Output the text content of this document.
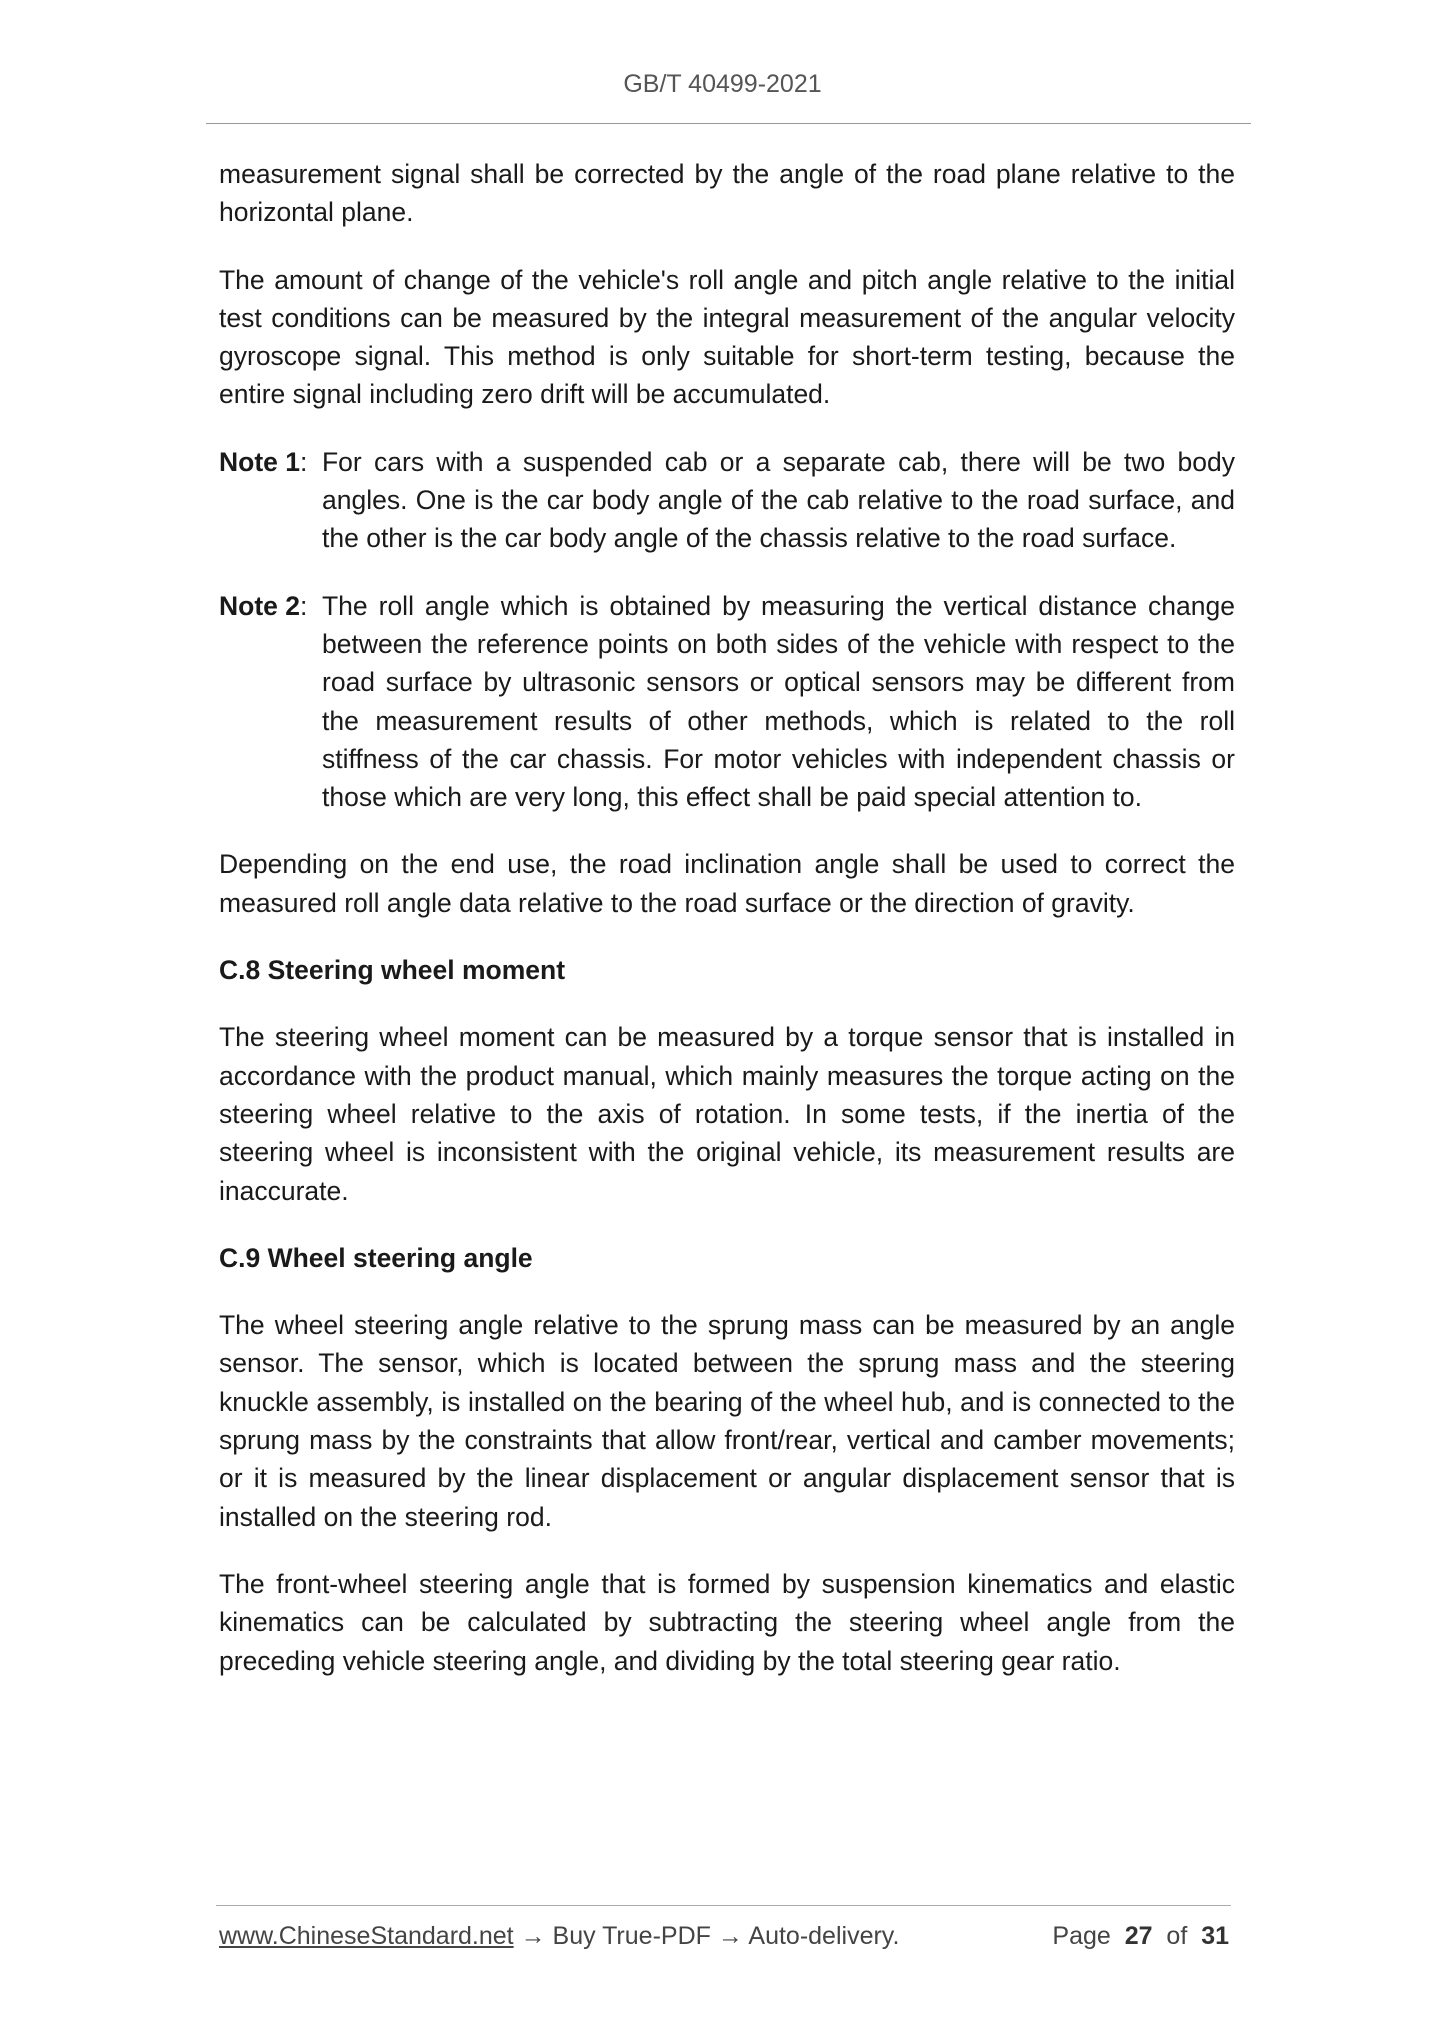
GB/T 40499-2021

measurement signal shall be corrected by the angle of the road plane relative to the horizontal plane.

The amount of change of the vehicle's roll angle and pitch angle relative to the initial test conditions can be measured by the integral measurement of the angular velocity gyroscope signal. This method is only suitable for short-term testing, because the entire signal including zero drift will be accumulated.

Note 1: For cars with a suspended cab or a separate cab, there will be two body angles. One is the car body angle of the cab relative to the road surface, and the other is the car body angle of the chassis relative to the road surface.
Note 2: The roll angle which is obtained by measuring the vertical distance change between the reference points on both sides of the vehicle with respect to the road surface by ultrasonic sensors or optical sensors may be different from the measurement results of other methods, which is related to the roll stiffness of the car chassis. For motor vehicles with independent chassis or those which are very long, this effect shall be paid special attention to.

Depending on the end use, the road inclination angle shall be used to correct the measured roll angle data relative to the road surface or the direction of gravity.

C.8 Steering wheel moment

The steering wheel moment can be measured by a torque sensor that is installed in accordance with the product manual, which mainly measures the torque acting on the steering wheel relative to the axis of rotation. In some tests, if the inertia of the steering wheel is inconsistent with the original vehicle, its measurement results are inaccurate.

C.9 Wheel steering angle

The wheel steering angle relative to the sprung mass can be measured by an angle sensor. The sensor, which is located between the sprung mass and the steering knuckle assembly, is installed on the bearing of the wheel hub, and is connected to the sprung mass by the constraints that allow front/rear, vertical and camber movements; or it is measured by the linear displacement or angular displacement sensor that is installed on the steering rod.

The front-wheel steering angle that is formed by suspension kinematics and elastic kinematics can be calculated by subtracting the steering wheel angle from the preceding vehicle steering angle, and dividing by the total steering gear ratio.

www.ChineseStandard.net → Buy True-PDF → Auto-delivery.	Page 27 of 31
